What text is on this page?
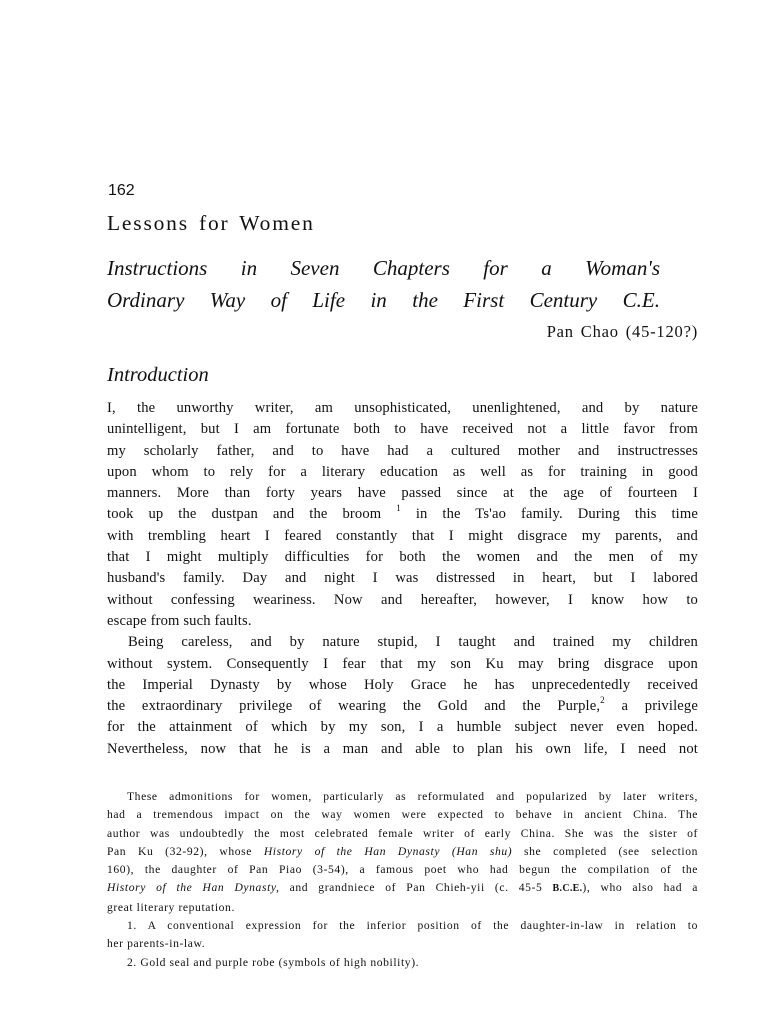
162
Lessons for Women
Instructions in Seven Chapters for a Woman's
Ordinary Way of Life in the First Century C.E.
Pan Chao (45-120?)
Introduction
I, the unworthy writer, am unsophisticated, unenlightened, and by nature
unintelligent, but I am fortunate both to have received not a little favor from
my scholarly father, and to have had a cultured mother and instructresses
upon whom to rely for a literary education as well as for training in good
manners. More than forty years have passed since at the age of fourteen I
took up the dustpan and the broom $^1$ in the Ts'ao family. During this time
with trembling heart I feared constantly that I might disgrace my parents, and
that I might multiply difficulties for both the women and the men of my
husband's family. Day and night I was distressed in heart, but I labored
without confessing weariness. Now and hereafter, however, I know how to
escape from such faults.
Being careless, and by nature stupid, I taught and trained my children
without system. Consequently I fear that my son Ku may bring disgrace upon
the Imperial Dynasty by whose Holy Grace he has unprecedentedly received
the extraordinary privilege of wearing the Gold and the Purple,$^2$ a privilege
for the attainment of which by my son, I a humble subject never even hoped.
Nevertheless, now that he is a man and able to plan his own life, I need not
These admonitions for women, particularly as reformulated and popularized by later writers,
had a tremendous impact on the way women were expected to behave in ancient China. The
author was undoubtedly the most celebrated female writer of early China. She was the sister of
Pan Ku (32-92), whose History of the Han Dynasty (Han shu) she completed (see selection
160), the daughter of Pan Piao (3-54), a famous poet who had begun the compilation of the
History of the Han Dynasty, and grandniece of Pan Chieh-yii (c. 45-5 B.C.E.), who also had a
great literary reputation.
1. A conventional expression for the inferior position of the daughter-in-law in relation to
her parents-in-law.
2. Gold seal and purple robe (symbols of high nobility).
